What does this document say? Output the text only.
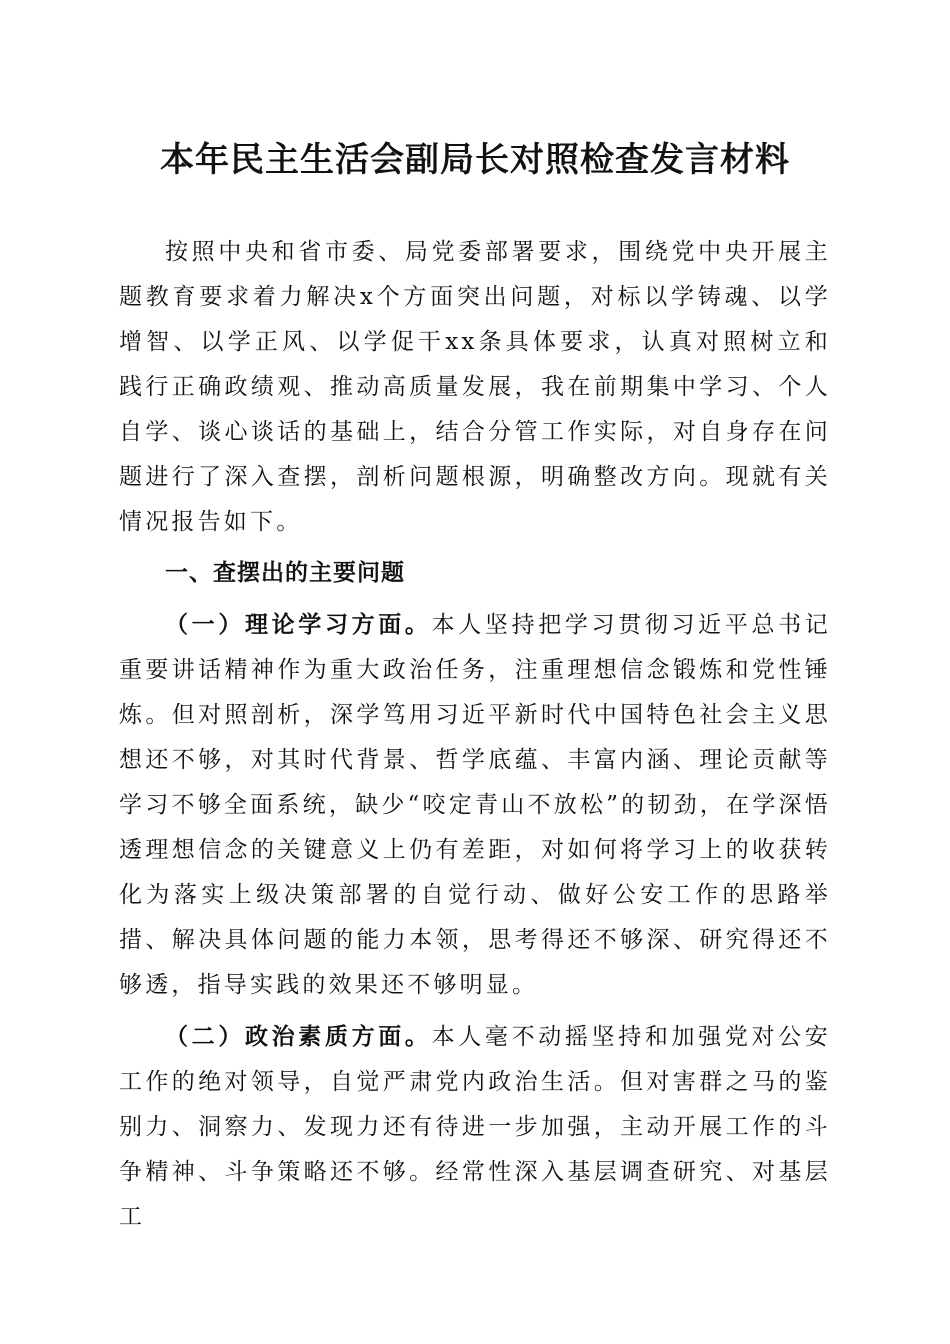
本年民主生活会副局长对照检查发言材料

按照中央和省市委、局党委部署要求，围绕党中央开展主题教育要求着力解决x个方面突出问题，对标以学铸魂、以学增智、以学正风、以学促干xx条具体要求，认真对照树立和践行正确政绩观、推动高质量发展，我在前期集中学习、个人自学、谈心谈话的基础上，结合分管工作实际，对自身存在问题进行了深入查摆，剖析问题根源，明确整改方向。现就有关情况报告如下。

一、查摆出的主要问题

（一）理论学习方面。本人坚持把学习贯彻习近平总书记重要讲话精神作为重大政治任务，注重理想信念锻炼和党性锤炼。但对照剖析，深学笃用习近平新时代中国特色社会主义思想还不够，对其时代背景、哲学底蕴、丰富内涵、理论贡献等学习不够全面系统，缺少“咬定青山不放松”的韧劲，在学深悟透理想信念的关键意义上仍有差距，对如何将学习上的收获转化为落实上级决策部署的自觉行动、做好公安工作的思路举措、解决具体问题的能力本领，思考得还不够深、研究得还不够透，指导实践的效果还不够明显。

（二）政治素质方面。本人毫不动摇坚持和加强党对公安工作的绝对领导，自觉严肃党内政治生活。但对害群之马的鉴别力、洞察力、发现力还有待进一步加强，主动开展工作的斗争精神、斗争策略还不够。经常性深入基层调查研究、对基层工
